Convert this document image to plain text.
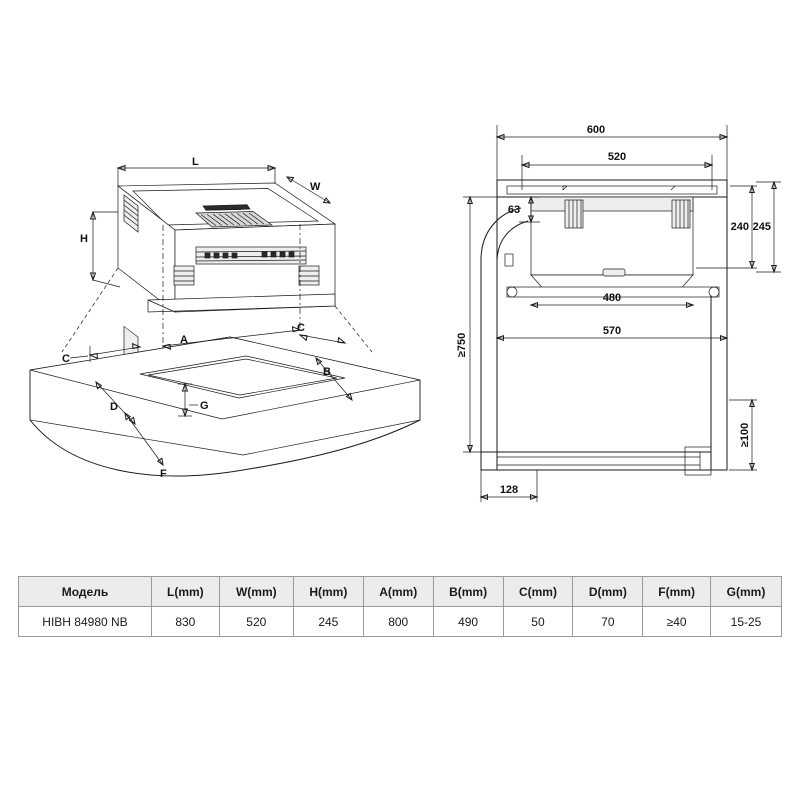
A
C
C
B
D	G
F
L
W
H
600
520
63
240 245
480
570
≥750
≥100
128
Модель	L(mm)	W(mm)	H(mm)	A(mm)	B(mm)	C(mm)	D(mm)	F(mm)	G(mm)
HIBH 84980 NB	830	520	245	800	490	50	70	≥40	15-25
